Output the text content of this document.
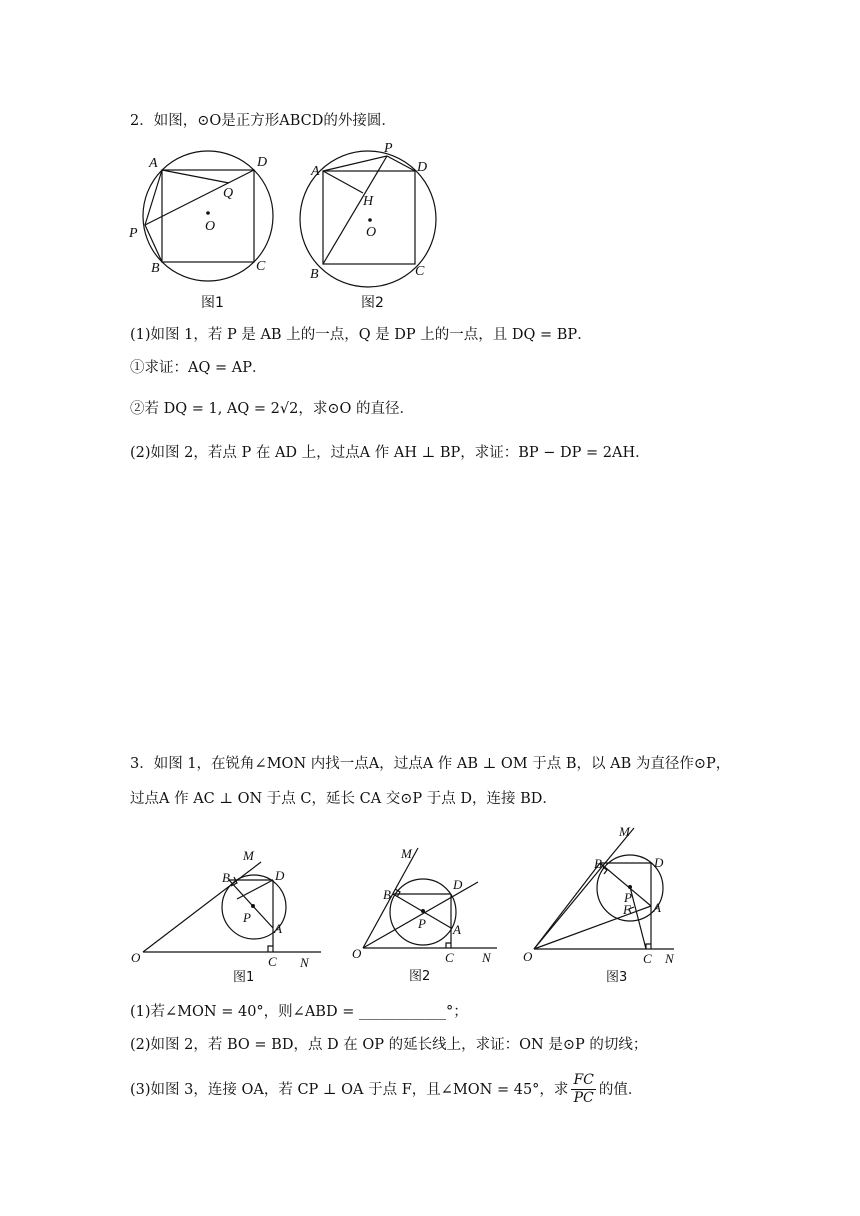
2．如图，⊙O是正方形ABCD的外接圆．
A	D
Q
O
P
B	C
图1
A
P
D
H
O
B	C
图2
(1)如图 1，若 P 是 AB 上的一点，Q 是 DP 上的一点，且 DQ = BP．
①求证：AQ = AP．
②若 DQ = 1, AQ = 2√2，求⊙O 的直径．
(2)如图 2，若点 P 在 AD 上，过点A 作 AH ⊥ BP，求证：BP − DP = 2AH．
3．如图 1，在锐角∠MON 内找一点A，过点A 作 AB ⊥ OM 于点 B，以 AB 为直径作⊙P，
过点A 作 AC ⊥ ON 于点 C，延长 CA 交⊙P 于点 D，连接 BD．
M
B	D
P
A
O	C N
图1
M
B
D
P A
O	C N
图2
M
B	D
P
F A
O	C N
图3
(1)若∠MON = 40°，则∠ABD = ____________°；
(2)如图 2，若 BO = BD，点 D 在 OP 的延长线上，求证：ON 是⊙P 的切线；
(3)如图 3，连接 OA，若 CP ⊥ OA 于点 F，且∠MON = 45°，求 $\frac{FC}{PC}$ 的值．
